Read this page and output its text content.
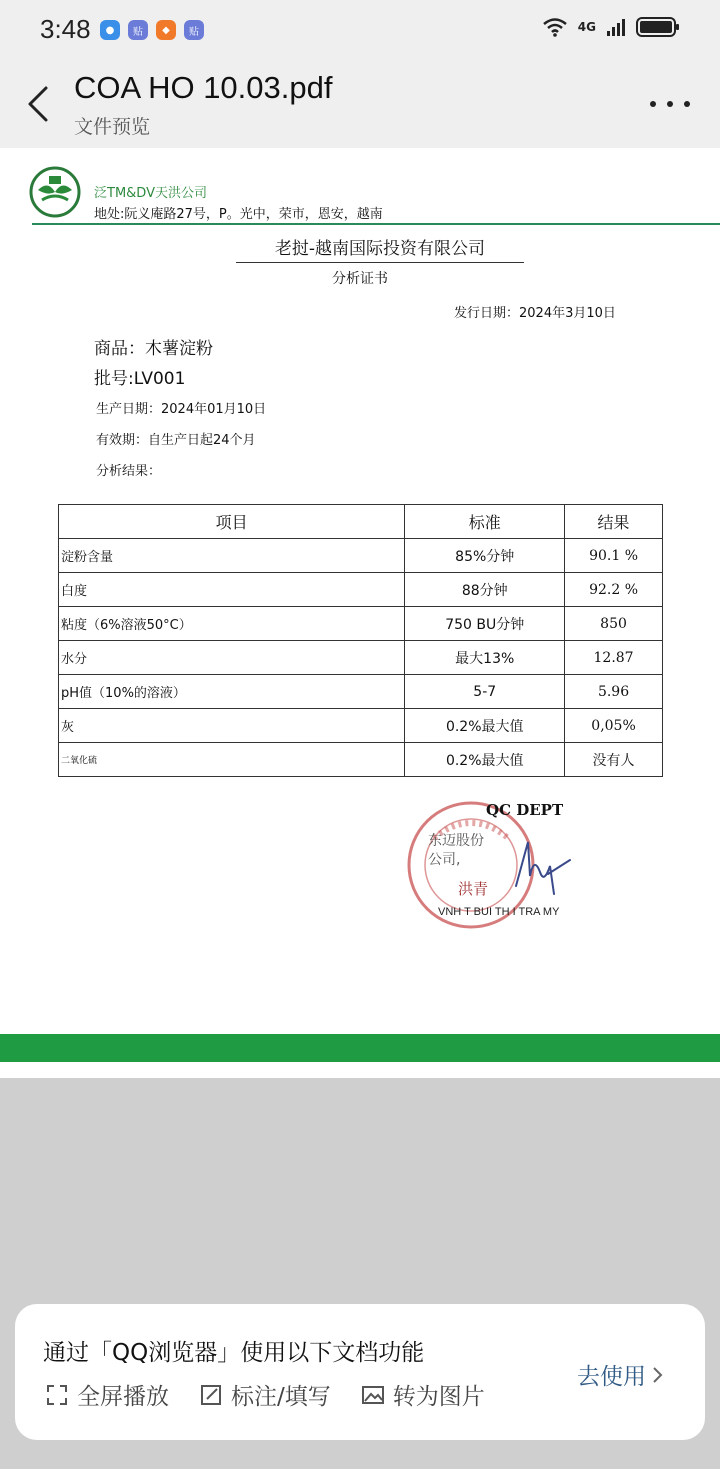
3:48	●	贴	◆	贴	4G
COA HO 10.03.pdf
文件预览
泛TM&DV天洪公司
地处:阮义庵路27号，P。光中，荣市，恩安，越南
老挝-越南国际投资有限公司
分析证书
发行日期：2024年3月10日
商品：木薯淀粉
批号:LV001
生产日期：2024年01月10日
有效期：自生产日起24个月
分析结果：
项目	标准	结果
淀粉含量	85%分钟	90.1 %
白度	88分钟	92.2 %
粘度（6%溶液50°C）	750 BU分钟	850
水分	最大13%	12.87
pH值（10%的溶液）	5-7	5.96
灰	0.2%最大值	0,05%
二氧化硫	0.2%最大值	没有人
QC DEPT
东迈股份公司,
洪青
VNH T BUI TH I TRA MY
通过「QQ浏览器」使用以下文档功能
全屏播放	标注/填写	转为图片
去使用
